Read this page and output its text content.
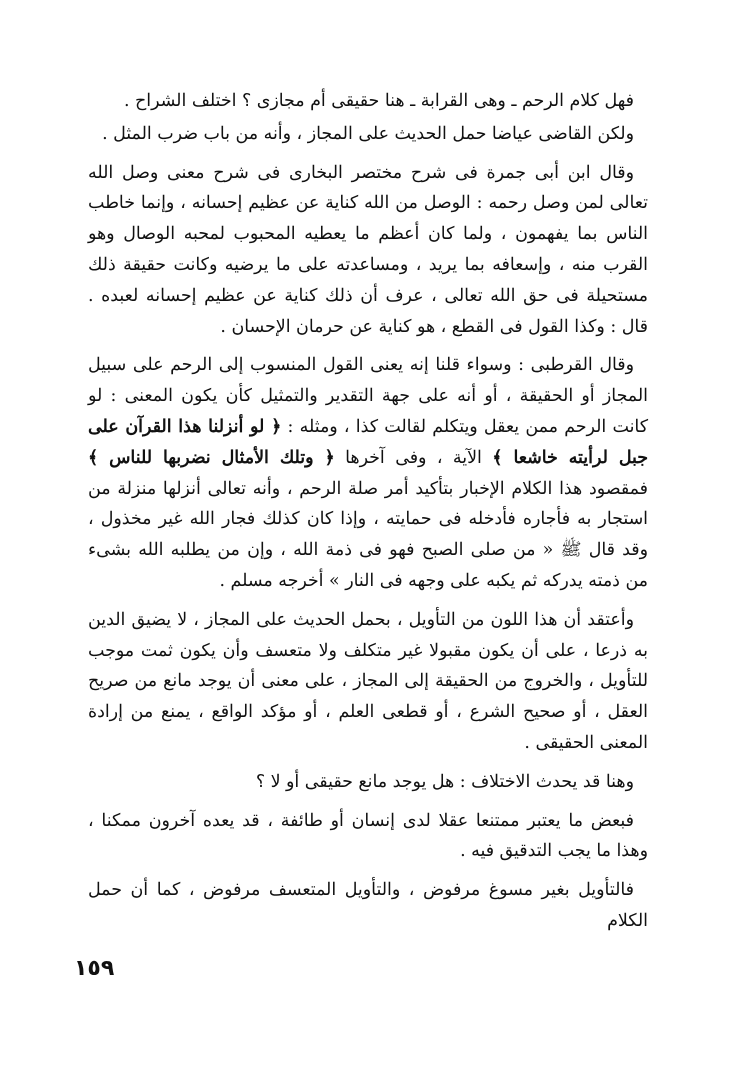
فهل كلام الرحم ـ وهى القرابة ـ هنا حقيقى أم مجازى ؟ اختلف الشراح .

ولكن القاضى عياضا حمل الحديث على المجاز ، وأنه من باب ضرب المثل .

وقال ابن أبى جمرة فى شرح مختصر البخارى فى شرح معنى وصل الله تعالى لمن وصل رحمه : الوصل من الله كناية عن عظيم إحسانه ، وإنما خاطب الناس بما يفهمون ، ولما كان أعظم ما يعطيه المحبوب لمحبه الوصال وهو القرب منه ، وإسعافه بما يريد ، ومساعدته على ما يرضيه وكانت حقيقة ذلك مستحيلة فى حق الله تعالى ، عرف أن ذلك كناية عن عظيم إحسانه لعبده . قال : وكذا القول فى القطع ، هو كناية عن حرمان الإحسان .

وقال القرطبى : وسواء قلنا إنه يعنى القول المنسوب إلى الرحم على سبيل المجاز أو الحقيقة ، أو أنه على جهة التقدير والتمثيل كأن يكون المعنى : لو كانت الرحم ممن يعقل ويتكلم لقالت كذا ، ومثله : ﴿ لو أنزلنا هذا القرآن على جبل لرأيته خاشعا ﴾ الآية ، وفى آخرها ﴿ وتلك الأمثال نضربها للناس ﴾ فمقصود هذا الكلام الإخبار بتأكيد أمر صلة الرحم ، وأنه تعالى أنزلها منزلة من استجار به فأجاره فأدخله فى حمايته ، وإذا كان كذلك فجار الله غير مخذول ، وقد قال ﷺ « من صلى الصبح فهو فى ذمة الله ، وإن من يطلبه الله بشىء من ذمته يدركه ثم يكبه على وجهه فى النار » أخرجه مسلم .

وأعتقد أن هذا اللون من التأويل ، بحمل الحديث على المجاز ، لا يضيق الدين به ذرعا ، على أن يكون مقبولا غير متكلف ولا متعسف وأن يكون ثمت موجب للتأويل ، والخروج من الحقيقة إلى المجاز ، على معنى أن يوجد مانع من صريح العقل ، أو صحيح الشرع ، أو قطعى العلم ، أو مؤكد الواقع ، يمنع من إرادة المعنى الحقيقى .

وهنا قد يحدث الاختلاف : هل يوجد مانع حقيقى أو لا ؟

فبعض ما يعتبر ممتنعا عقلا لدى إنسان أو طائفة ، قد يعده آخرون ممكنا ، وهذا ما يجب التدقيق فيه .

فالتأويل بغير مسوغ مرفوض ، والتأويل المتعسف مرفوض ، كما أن حمل الكلام

١٥٩
